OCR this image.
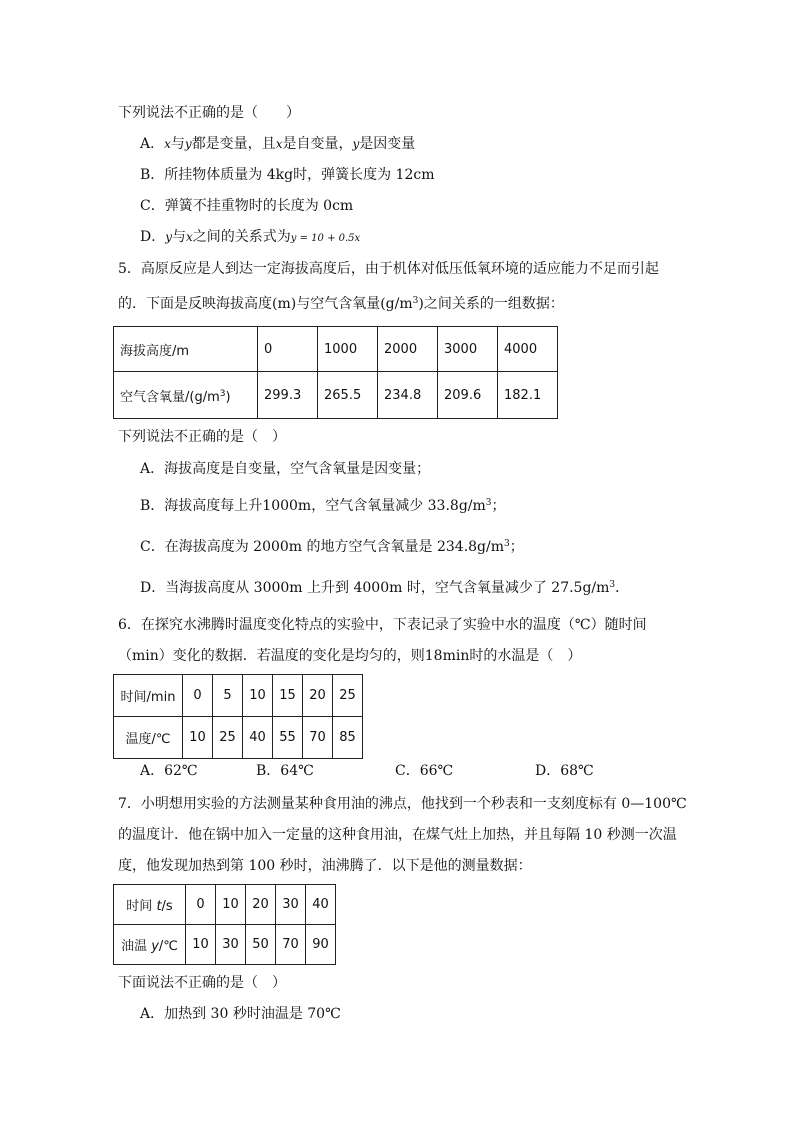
下列说法不正确的是（　　）
A．x与y都是变量，且x是自变量，y是因变量
B．所挂物体质量为 4kg时，弹簧长度为 12cm
C．弹簧不挂重物时的长度为 0cm
D．y与x之间的关系式为y = 10 + 0.5x
5．高原反应是人到达一定海拔高度后，由于机体对低压低氧环境的适应能力不足而引起
的．下面是反映海拔高度(m)与空气含氧量$(g/m^3)$之间关系的一组数据：
海拔高度/m	0	1000	2000	3000	4000
空气含氧量$/(g/m^3)$	299.3	265.5	234.8	209.6	182.1
下列说法不正确的是（　）
A．海拔高度是自变量，空气含氧量是因变量；
B．海拔高度每上升1000m，空气含氧量减少 $33.8g/m^3$；
C．在海拔高度为 2000m 的地方空气含氧量是 $234.8g/m^3$；
D．当海拔高度从 3000m 上升到 4000m 时，空气含氧量减少了 $27.5g/m^3$．
6．在探究水沸腾时温度变化特点的实验中，下表记录了实验中水的温度（℃）随时间
（min）变化的数据．若温度的变化是均匀的，则18min时的水温是（　）
时间/min	0	5	10	15	20	25
温度/℃	10	25	40	55	70	85
A．62℃	B．64℃	C．66℃	D．68℃
7．小明想用实验的方法测量某种食用油的沸点，他找到一个秒表和一支刻度标有 0—100℃
的温度计．他在锅中加入一定量的这种食用油，在煤气灶上加热，并且每隔 10 秒测一次温
度，他发现加热到第 100 秒时，油沸腾了．以下是他的测量数据：
时间 t/s	0	10	20	30	40
油温 y/℃	10	30	50	70	90
下面说法不正确的是（　）
A．加热到 30 秒时油温是 70℃
